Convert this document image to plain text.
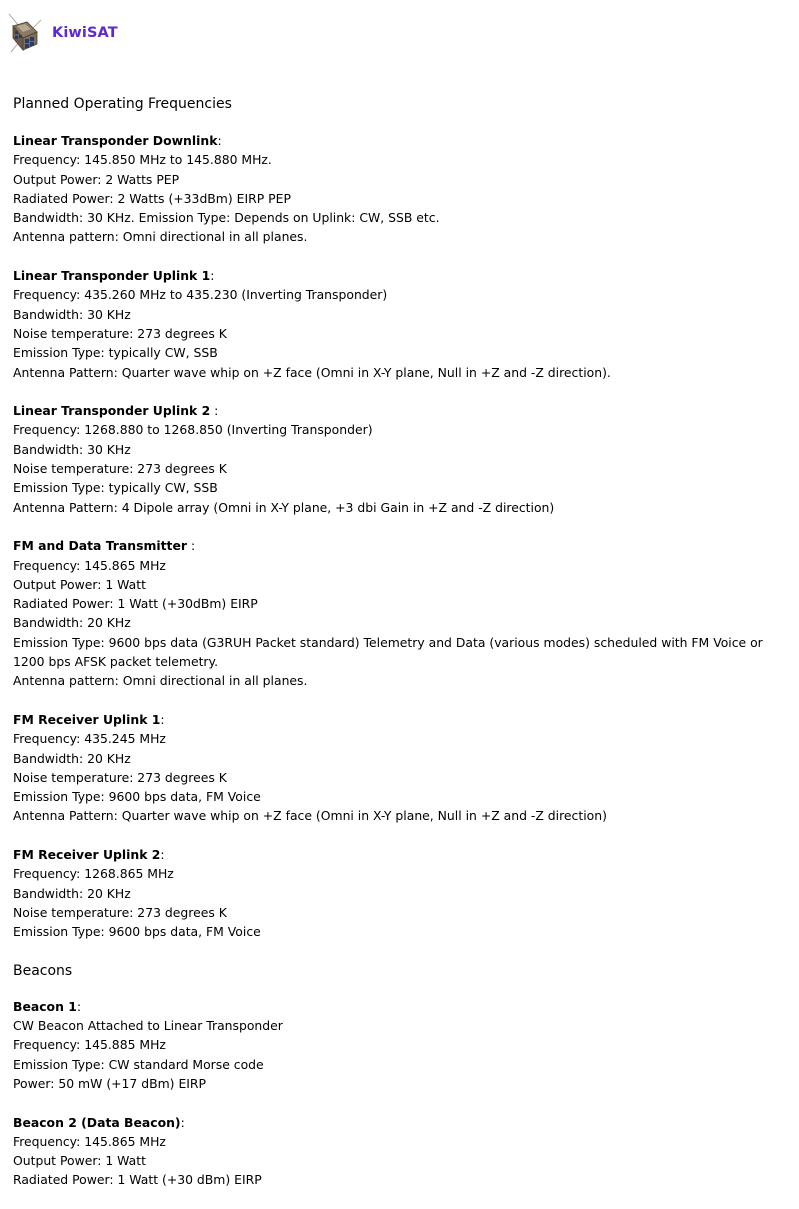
KiwiSAT
Planned Operating Frequencies

Linear Transponder Downlink:

Frequency: 145.850 MHz to 145.880 MHz.

Output Power: 2 Watts PEP

Radiated Power: 2 Watts (+33dBm) EIRP PEP

Bandwidth: 30 KHz. Emission Type: Depends on Uplink: CW, SSB etc.

Antenna pattern: Omni directional in all planes.

Linear Transponder Uplink 1:

Frequency: 435.260 MHz to 435.230 (Inverting Transponder)

Bandwidth: 30 KHz

Noise temperature: 273 degrees K

Emission Type: typically CW, SSB

Antenna Pattern: Quarter wave whip on +Z face (Omni in X-Y plane, Null in +Z and -Z direction).

Linear Transponder Uplink 2 :

Frequency: 1268.880 to 1268.850 (Inverting Transponder)

Bandwidth: 30 KHz

Noise temperature: 273 degrees K

Emission Type: typically CW, SSB

Antenna Pattern: 4 Dipole array (Omni in X-Y plane, +3 dbi Gain in +Z and -Z direction)

FM and Data Transmitter :

Frequency: 145.865 MHz

Output Power: 1 Watt

Radiated Power: 1 Watt (+30dBm) EIRP

Bandwidth: 20 KHz

Emission Type: 9600 bps data (G3RUH Packet standard) Telemetry and Data (various modes) scheduled with FM Voice or 1200 bps AFSK packet telemetry.

Antenna pattern: Omni directional in all planes.

FM Receiver Uplink 1:

Frequency: 435.245 MHz

Bandwidth: 20 KHz

Noise temperature: 273 degrees K

Emission Type: 9600 bps data, FM Voice

Antenna Pattern: Quarter wave whip on +Z face (Omni in X-Y plane, Null in +Z and -Z direction)

FM Receiver Uplink 2:

Frequency: 1268.865 MHz

Bandwidth: 20 KHz

Noise temperature: 273 degrees K

Emission Type: 9600 bps data, FM Voice

Beacons

Beacon 1:

CW Beacon Attached to Linear Transponder

Frequency: 145.885 MHz

Emission Type: CW standard Morse code

Power: 50 mW (+17 dBm) EIRP

Beacon 2 (Data Beacon):

Frequency: 145.865 MHz

Output Power: 1 Watt

Radiated Power: 1 Watt (+30 dBm) EIRP
